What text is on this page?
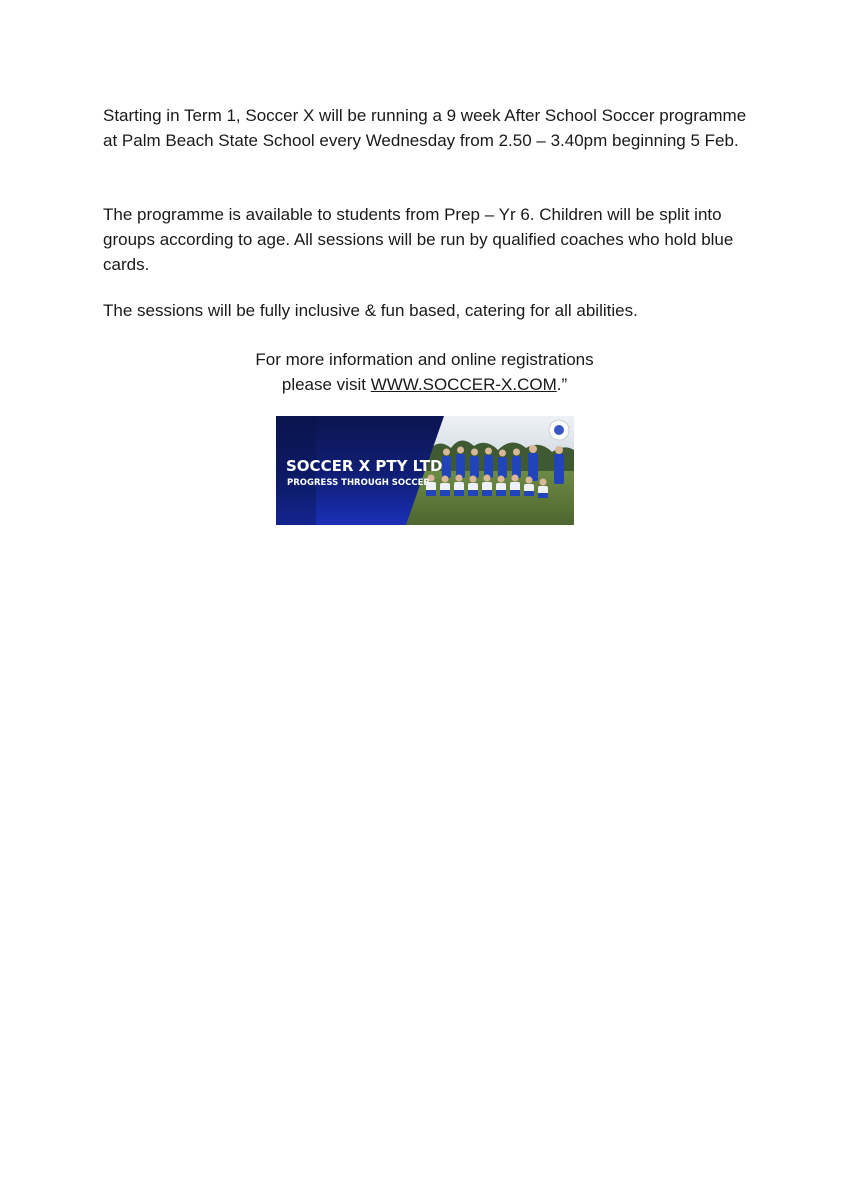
Starting in Term 1, Soccer X will be running a 9 week After School Soccer programme at Palm Beach State School every Wednesday from 2.50 – 3.40pm beginning 5 Feb.

The programme is available to students from Prep – Yr 6. Children will be split into groups according to age. All sessions will be run by qualified coaches who hold blue cards.

The sessions will be fully inclusive & fun based, catering for all abilities.

For more information and online registrations
please visit WWW.SOCCER-X.COM.”
SOCCER X PTY LTD
PROGRESS THROUGH SOCCER
